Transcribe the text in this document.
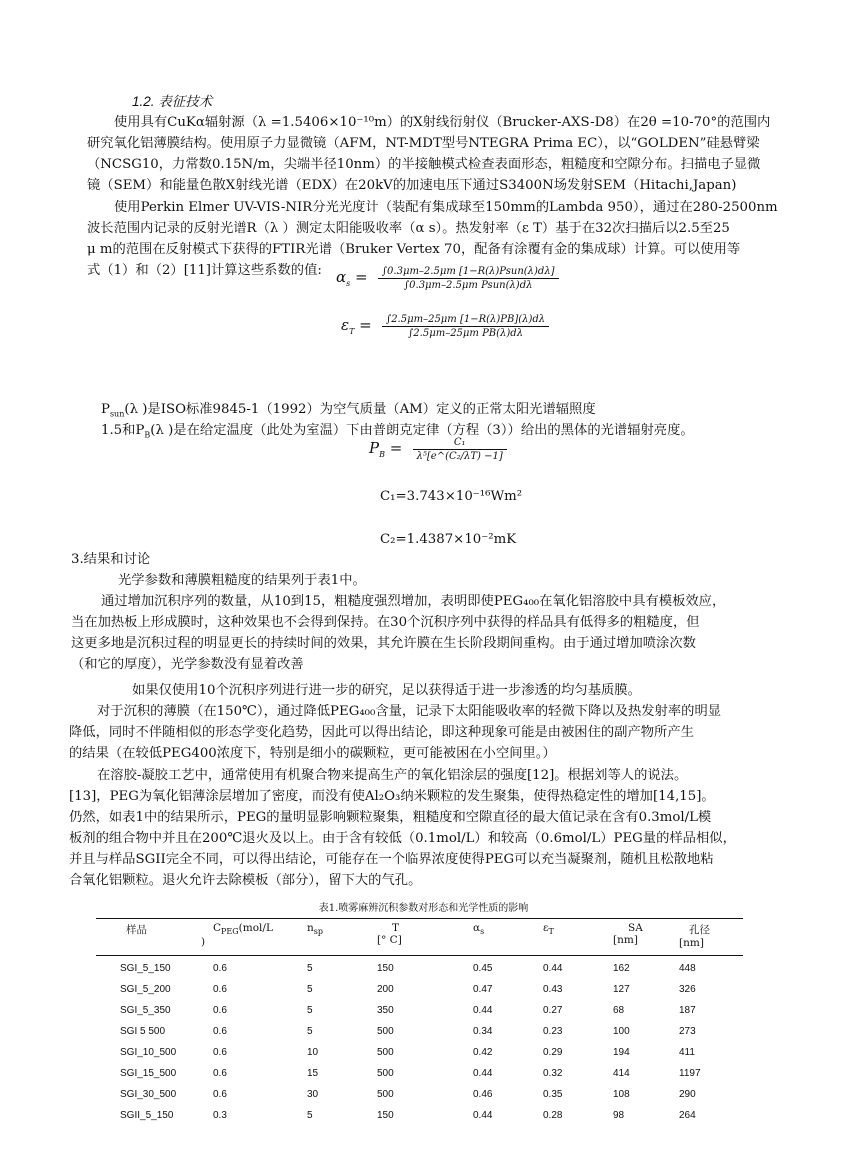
1.2. 表征技术
使用具有CuKα辐射源（λ =1.5406×10⁻¹⁰m）的X射线衍射仪（Brucker-AXS-D8）在2θ =10-70°的范围内
研究氧化铝薄膜结构。使用原子力显微镜（AFM，NT-MDT型号NTEGRA Prima EC），以“GOLDEN”硅悬臂梁
（NCSG10，力常数0.15N/m，尖端半径10nm）的半接触模式检查表面形态，粗糙度和空隙分布。扫描电子显微
镜（SEM）和能量色散X射线光谱（EDX）在20kV的加速电压下通过S3400N场发射SEM（Hitachi,Japan)
使用Perkin Elmer UV-VIS-NIR分光光度计（装配有集成球至150mm的Lambda 950），通过在280-2500nm
波长范围内记录的反射光谱R（λ ）测定太阳能吸收率（α s）。热发射率（ε T）基于在32次扫描后以2.5至25
μ m的范围在反射模式下获得的FTIR光谱（Bruker Vertex 70，配备有涂覆有金的集成球）计算。可以使用等
式（1）和（2）[11]计算这些系数的值: $\alpha_s = \frac{\text{∫0.3μm–2.5μm [1−R(λ)Psun(λ)dλ]}}{\text{∫0.3μm–2.5μm Psun(λ)dλ}}$
$\varepsilon_T = \frac{\int 2.5\mu m-25\mu m [1-R(\lambda)PB](\lambda)d\lambda}{\text{∫2.5μm–25μm PB(λ)dλ}}$
$P_{sun}(\lambda$ )是ISO标准9845-1（1992）为空气质量（AM）定义的正常太阳光谱辐照度
1.5和$P_B(\lambda$ )是在给定温度（此处为室温）下由普朗克定律（方程（3））给出的黑体的光谱辐射亮度。
$P_B = \frac{\text{C₁}}{\text{λ⁵[e\textasciicircum{}(C₂/λT) −1]}}$
C₁=3.743×10⁻¹⁶Wm²
C₂=1.4387×10⁻²mK
3.结果和讨论
光学参数和薄膜粗糙度的结果列于表1中。
通过增加沉积序列的数量，从10到15，粗糙度强烈增加，表明即使PEG₄₀₀在氧化铝溶胶中具有模板效应，
当在加热板上形成膜时，这种效果也不会得到保持。在30个沉积序列中获得的样品具有低得多的粗糙度，但
这更多地是沉积过程的明显更长的持续时间的效果，其允许膜在生长阶段期间重构。由于通过增加喷涂次数
（和它的厚度），光学参数没有显着改善
如果仅使用10个沉积序列进行进一步的研究，足以获得适于进一步渗透的均匀基质膜。
对于沉积的薄膜（在150℃），通过降低PEG₄₀₀含量，记录下太阳能吸收率的轻微下降以及热发射率的明显
降低，同时不伴随相似的形态学变化趋势，因此可以得出结论，即这种现象可能是由被困住的副产物所产生
的结果（在较低PEG400浓度下，特别是细小的碳颗粒，更可能被困在小空间里。）
在溶胶-凝胶工艺中，通常使用有机聚合物来提高生产的氧化铝涂层的强度[12]。根据刘等人的说法。
[13]，PEG为氧化铝薄涂层增加了密度，而没有使Al₂O₃纳米颗粒的发生聚集，使得热稳定性的增加[14,15]。
仍然，如表1中的结果所示，PEG的量明显影响颗粒聚集，粗糙度和空隙直径的最大值记录在含有0.3mol/L模
板剂的组合物中并且在200℃退火及以上。由于含有较低（0.1mol/L）和较高（0.6mol/L）PEG量的样品相似，
并且与样品SGII完全不同，可以得出结论，可能存在一个临界浓度使得PEG可以充当凝聚剂，随机且松散地粘
合氧化铝颗粒。退火允许去除模板（部分），留下大的气孔。
表1.喷雾麻辨沉积参数对形态和光学性质的影响
样品	$C_{PEG}(mol/L$
)	$n_{sp}$	T
[° C]	$\alpha_s$	$\varepsilon_T$	SA
[nm]	孔径
[nm]
SGI_5_150	0.6	5	150	0.45	0.44	162	448
SGI_5_200	0.6	5	200	0.47	0.43	127	326
SGI_5_350	0.6	5	350	0.44	0.27	68	187
SGI 5 500	0.6	5	500	0.34	0.23	100	273
SGI_10_500	0.6	10	500	0.42	0.29	194	411
SGI_15_500	0.6	15	500	0.44	0.32	414	1197
SGI_30_500	0.6	30	500	0.46	0.35	108	290
SGII_5_150	0.3	5	150	0.44	0.28	98	264
